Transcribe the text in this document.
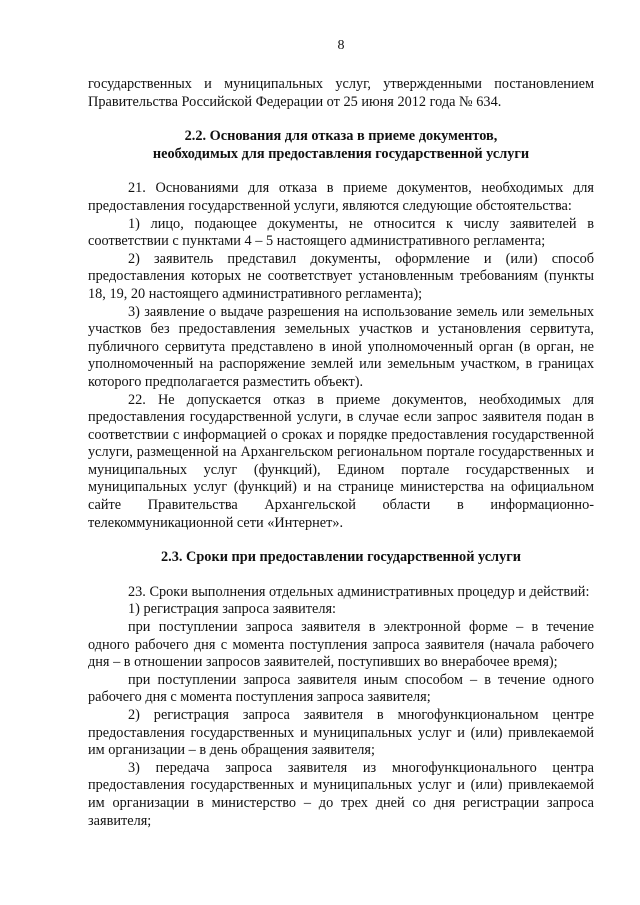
8

государственных и муниципальных услуг, утвержденными постановлением Правительства Российской Федерации от 25 июня 2012 года № 634.

2.2. Основания для отказа в приеме документов,
необходимых для предоставления государственной услуги

21. Основаниями для отказа в приеме документов, необходимых для предоставления государственной услуги, являются следующие обстоятельства:

1) лицо, подающее документы, не относится к числу заявителей в соответствии с пунктами 4 – 5 настоящего административного регламента;

2) заявитель представил документы, оформление и (или) способ предоставления которых не соответствует установленным требованиям (пункты 18, 19, 20 настоящего административного регламента);

3) заявление о выдаче разрешения на использование земель или земельных участков без предоставления земельных участков и установления сервитута, публичного сервитута представлено в иной уполномоченный орган (в орган, не уполномоченный на распоряжение землей или земельным участком, в границах которого предполагается разместить объект).

22. Не допускается отказ в приеме документов, необходимых для предоставления государственной услуги, в случае если запрос заявителя подан в соответствии с информацией о сроках и порядке предоставления государственной услуги, размещенной на Архангельском региональном портале государственных и муниципальных услуг (функций), Едином портале государственных и муниципальных услуг (функций) и на странице министерства на официальном сайте Правительства Архангельской области в информационно-телекоммуникационной сети «Интернет».

2.3. Сроки при предоставлении государственной услуги

23. Сроки выполнения отдельных административных процедур и действий:

1) регистрация запроса заявителя:

при поступлении запроса заявителя в электронной форме – в течение одного рабочего дня с момента поступления запроса заявителя (начала рабочего дня – в отношении запросов заявителей, поступивших во внерабочее время);

при поступлении запроса заявителя иным способом – в течение одного рабочего дня с момента поступления запроса заявителя;

2) регистрация запроса заявителя в многофункциональном центре предоставления государственных и муниципальных услуг и (или) привлекаемой им организации – в день обращения заявителя;

3) передача запроса заявителя из многофункционального центра предоставления государственных и муниципальных услуг и (или) привлекаемой им организации в министерство – до трех дней со дня регистрации запроса заявителя;
